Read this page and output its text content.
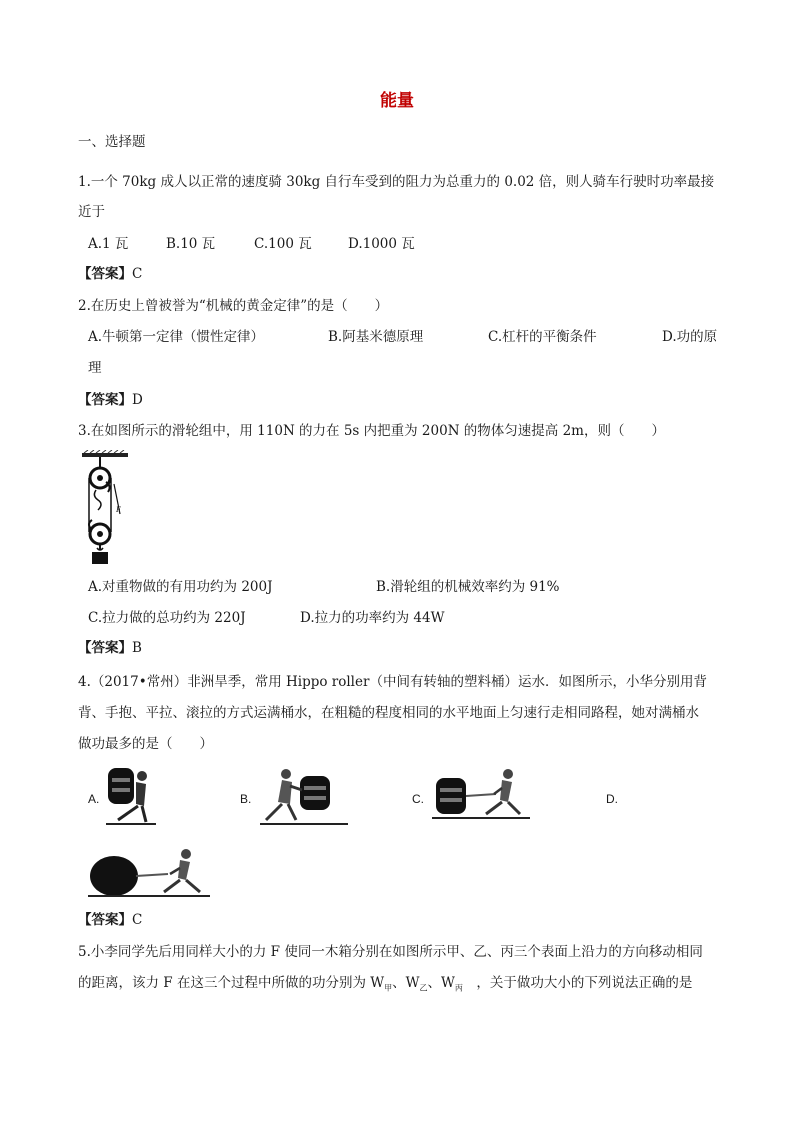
能量
一、选择题
1.一个 70kg 成人以正常的速度骑 30kg 自行车受到的阻力为总重力的 0.02 倍，则人骑车行驶时功率最接
近于
A.1 瓦	B.10 瓦	C.100 瓦	D.1000 瓦
【答案】C
2.在历史上曾被誉为“机械的黄金定律”的是（　　）
A.牛顿第一定律（惯性定律）	B.阿基米德原理	C.杠杆的平衡条件	D.功的原
理
【答案】D
3.在如图所示的滑轮组中，用 110N 的力在 5s 内把重为 200N 的物体匀速提高 2m，则（　　）
F
A.对重物做的有用功约为 200J	B.滑轮组的机械效率约为 91%
C.拉力做的总功约为 220J	D.拉力的功率约为 44W
【答案】B
4.（2017•常州）非洲旱季，常用 Hippo roller（中间有转轴的塑料桶）运水．如图所示，小华分别用背
背、手抱、平拉、滚拉的方式运满桶水，在粗糙的程度相同的水平地面上匀速行走相同路程，她对满桶水
做功最多的是（　　）
A.	B.	C.	D.
【答案】C
5.小李同学先后用同样大小的力 F 使同一木箱分别在如图所示甲、乙、丙三个表面上沿力的方向移动相同
的距离，该力 F 在这三个过程中所做的功分别为 $W_甲$、$W_乙$、$W_丙$　，关于做功大小的下列说法正确的是
